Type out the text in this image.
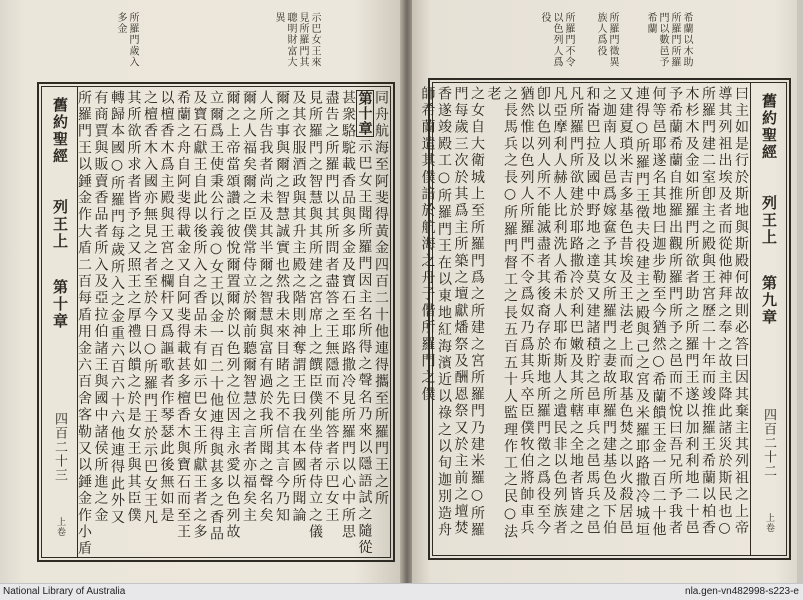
所羅門歲入多金	示巴女王來見所羅門其聰明財富大異
舊約聖經
列王上
第十章
四百二十三
上卷
同舟航海至阿斐得黃金四百二十他連得攜至所羅門王之所
第十章示巴女王聞所羅門因主名所得之聲名乃來以隱語試之隨從
甚衆駱駝載香品與多金及寶石至耶路撒冷見所羅門以心中所思
盡告之所羅門以其所問者盡答之王無隱而不能答者示巴女王
見所羅門之智慧與其所建之宮席上之饌臣僕列坐侍者侍立之儀
及其衣服酒政與其升主殿之階則神奪謂王曰我在本國所聞論
爾之事與爾之智慧誠實也然我未來目睹之先不信其言今乃知
人所告我者尚未及其半爾之智慧與富有過於我所聞之聲名矣
爾之人福矣爾之臣僕常侍立於爾前聽爾智慧之言者亦福矣主
爾之上帝當頌讚之彼悅爾置爾於以色列之位因主永愛以色列故
立爾爲王使秉公行義○女王以金一百二十他連得與甚多之香品
及寶石獻王自此以後所入之香品未有如示巴女王所獻王者之多
希蘭之舟自阿斐得載金又自阿斐得載甚多檀香木與寶石而至王
以檀香木爲主殿與王宮之欄杆又爲謳歌者作琴瑟此後無如是
之檀香木入國亦無見之者至於今日○所羅門王於示巴女王凡
其所欲所求者皆予之又照王之厚禮以饋之於是女王與其臣僕
轉歸本國○所羅門每歲所入之金重六百六十六他連得此外又
有商賈與販賣香品者所入及亞拉伯諸王與國中諸侯所進之金
所羅門王以錘金作大盾二百每盾用金六百舍客勒又以錘金作小盾
所羅門不令以色列人爲役	所羅門徵異族人爲役	希蘭以木助所羅門所羅門以數邑予希蘭
曰主如是行於斯地與斯殿何故則必答曰因其棄主其列祖之上帝
導其列祖出埃及者而從他神拜之奉之故主降此諸災於斯民也○
所羅門建二室卽主之殿與王宮歷二十年而竣推羅王希蘭以柏香
木杉木及金如所羅門所欲者助之所羅門王遂以加利利地二十邑
予希蘭希蘭自推羅出觀所羅門所予之邑而不悅曰吾兄所予我者
何等邑耶遂名其地曰迦步勒至今猶然○希蘭饋王金一百二十他
連得○所羅門王徵夫役建主之殿與己之宮及米羅耶路撒冷城垣
又建夏瑣米吉多基色昔埃及王法老上而取基色焚之以火殺居邑
之迦南人以邑爲嫁奩予其女所羅門之妻故所羅門建基色及下伯
和崙巴拉及國中野地之達莫又建諸積貯之邑車兵之邑馬兵之邑
凡所羅門所欲建於耶路撒冷於利巴嫩及其所轄之全地者皆建之
凡亞摩利人赫人比利洗人希未人耶布斯人之遺民非以色列族者
卽以色列人所不能滅盡者其後裔存於斯地所羅門徵之爲役至今
猶然惟以色列人所羅門不令爲奴乃爲其兵卒臣僕牧伯將帥車兵
之長馬兵之長○所羅門督工之長五百五十人監理作工之民○法老
之女自大衛城上至所羅門爲之所建之宮所羅門乃建米羅○所羅
門每歲三次於其爲主所築之壇獻燔祭及酬恩祭又於主前之壇焚
香遂竣殿工○所羅門王在以東地紅海濱近以祿之以旬迦別造舟
師希蘭遣其僕諳於航海之舟子偕所羅門之僕	舊約聖經
列王上
第九章
四百二十二
上卷
National Library of Australia	nla.gen-vn482998-s223-e
